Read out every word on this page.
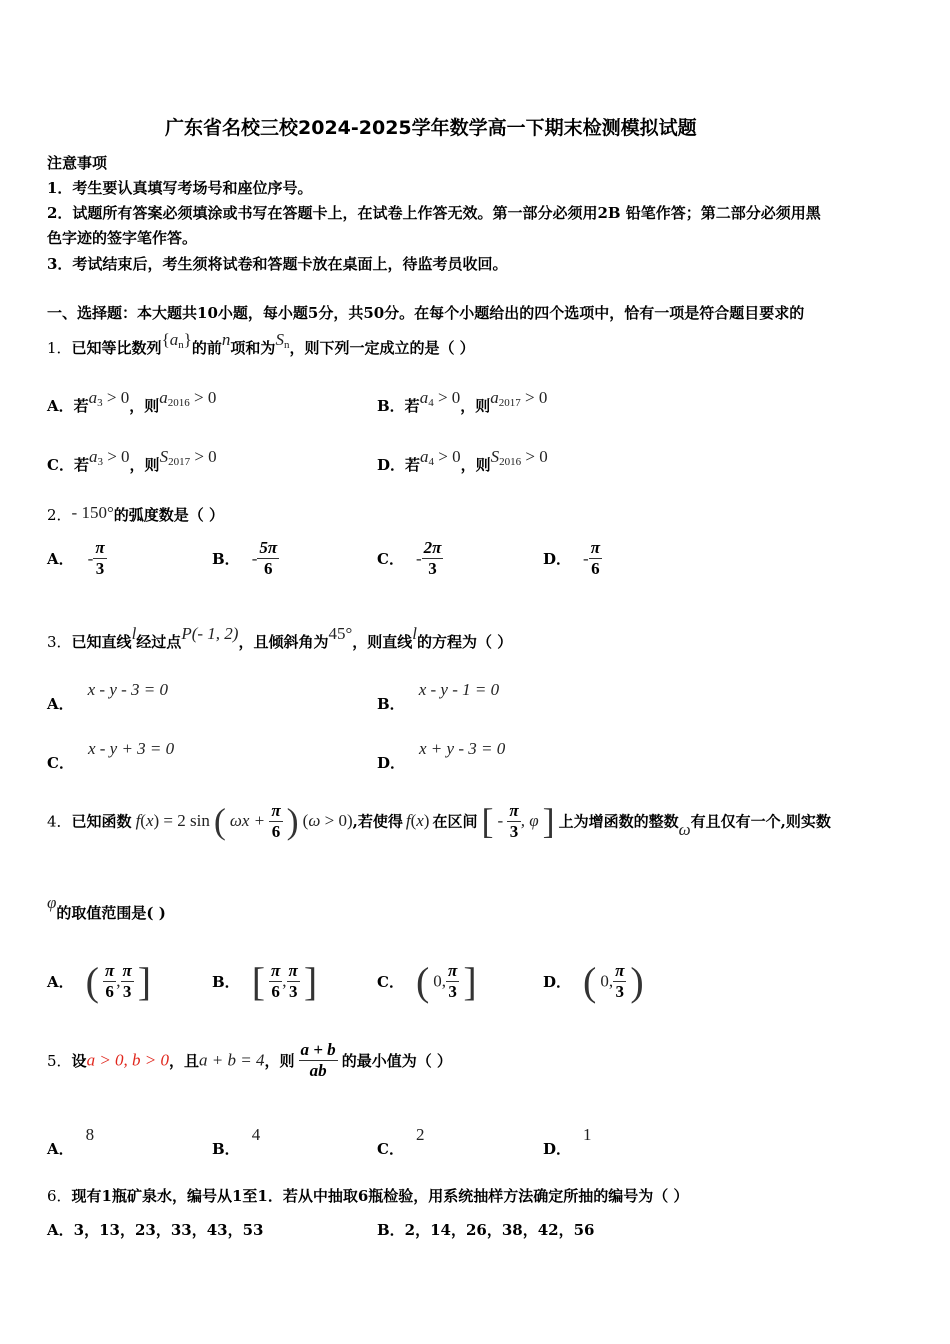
广东省名校三校2024-2025学年数学高一下期末检测模拟试题
注意事项
1．考生要认真填写考场号和座位序号。
2．试题所有答案必须填涂或书写在答题卡上，在试卷上作答无效。第一部分必须用2B 铅笔作答；第二部分必须用黑
色字迹的签字笔作答。
3．考试结束后，考生须将试卷和答题卡放在桌面上，待监考员收回。
一、选择题：本大题共10小题，每小题5分，共50分。在每个小题给出的四个选项中，恰有一项是符合题目要求的
1．已知等比数列$\{a_n\}$的前n项和为$S_n$，则下列一定成立的是（ ）
A．若$a_3 > 0$，则$a_{2016} > 0$	B．若$a_4 > 0$，则$a_{2017} > 0$
C．若$a_3 > 0$，则$S_{2017} > 0$	D．若$a_4 > 0$，则$S_{2016} > 0$
2．- 150°的弧度数是（ ）
A． - $\frac{\pi}{3}$	B． - $\frac{5\pi}{6}$	C． - $\frac{2\pi}{3}$	D． - $\frac{\pi}{6}$
3．已知直线l经过点P(- 1, 2)，且倾斜角为45°，则直线l的方程为（ ）
A．x - y - 3 = 0
B．x - y - 1 = 0
C．x - y + 3 = 0
D．x + y - 3 = 0
4．已知函数 f(x) = 2 sin ( $\omega x + \frac{\pi}{6}$ ) (ω > 0),若使得 f(x) 在区间 [ - $\frac{\pi}{3}$ , φ ] 上为增函数的整数ω有且仅有一个,则实数
φ的取值范围是( )
A． ( $\frac{\pi}{6}$ , $\frac{\pi}{3}$ ]	B． [ $\frac{\pi}{6}$ , $\frac{\pi}{3}$ ]	C． ( 0, $\frac{\pi}{3}$ ]	D． ( 0, $\frac{\pi}{3}$ )
5．设a > 0, b > 0，且a + b = 4，则 $\frac{a + b}{ab}$ 的最小值为（ ）
A．8
B．4
C．2
D．1
6．现有1瓶矿泉水，编号从1至1．若从中抽取6瓶检验，用系统抽样方法确定所抽的编号为（ ）
A．3，13，23，33，43，53	B．2，14，26，38，42，56
